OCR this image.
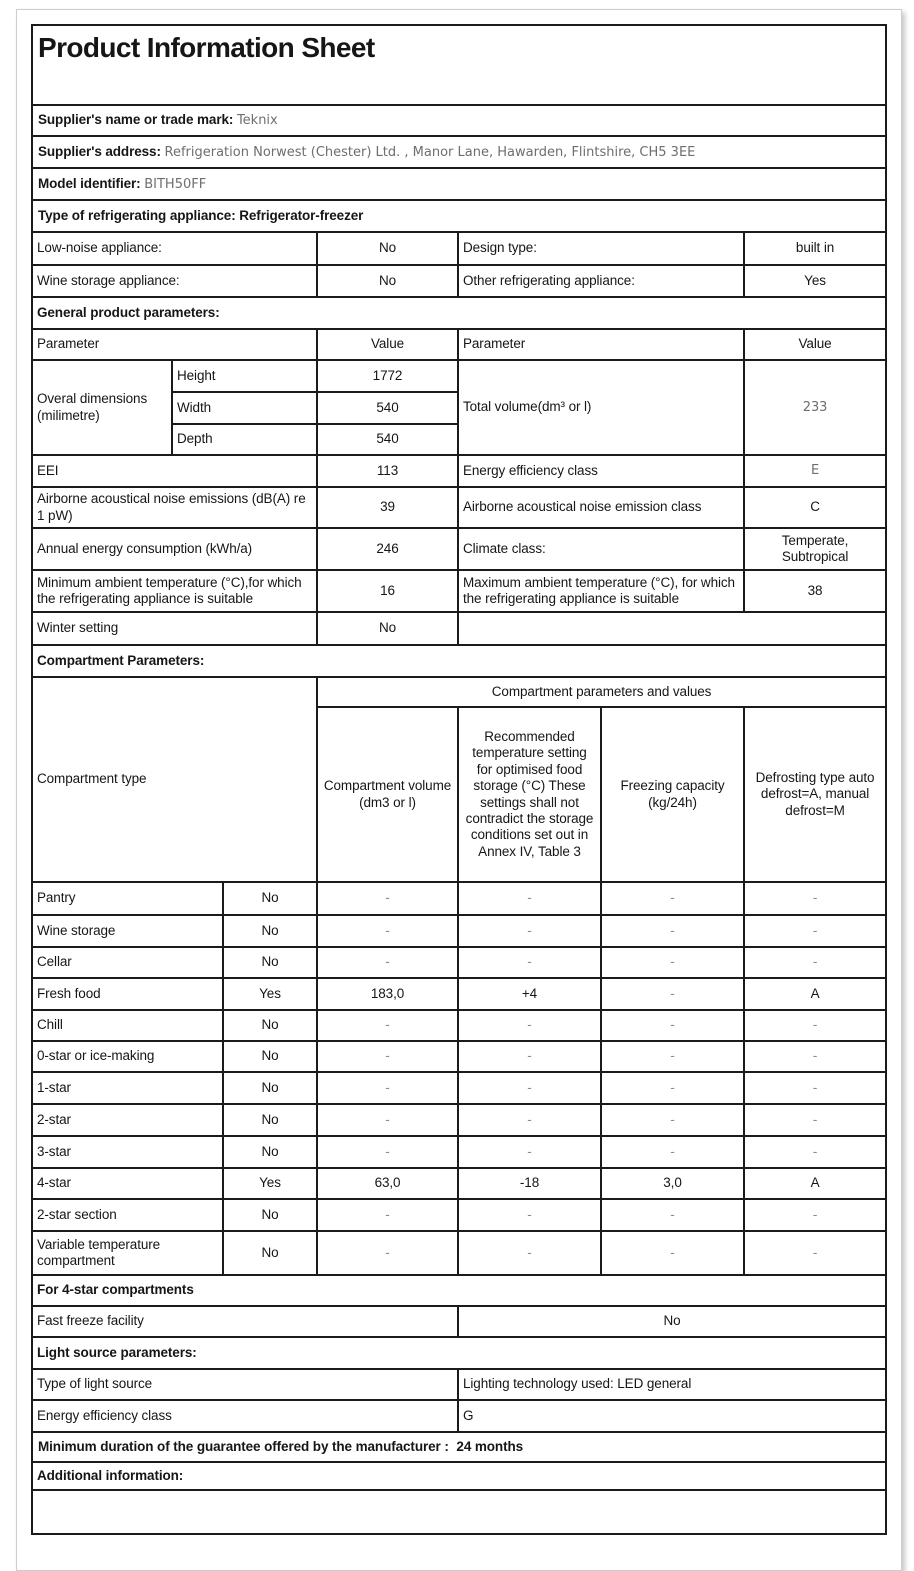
Product Information Sheet						
Supplier's name or trade mark: Teknix						
Supplier's address: Refrigeration Norwest (Chester) Ltd. , Manor Lane, Hawarden, Flintshire, CH5 3EE						
Model identifier: BITH50FF						
Type of refrigerating appliance: Refrigerator-freezer						
Low-noise appliance:			No	Design type:		built in
Wine storage appliance:			No	Other refrigerating appliance:		Yes
General product parameters:						
Parameter			Value	Parameter		Value
Overal dimensions (milimetre)	Height		1772	Total volume(dm³ or l)		233
	Width		540			
	Depth		540			
EEI			113	Energy efficiency class		E
Airborne acoustical noise emissions (dB(A) re 1 pW)			39	Airborne acoustical noise emission class		C
Annual energy consumption (kWh/a)			246	Climate class:		Temperate, Subtropical
Minimum ambient temperature (°C),for which the refrigerating appliance is suitable			16	Maximum ambient temperature (°C), for which the refrigerating appliance is suitable		38
Winter setting			No			
Compartment Parameters:						
Compartment type			Compartment parameters and values			
			Compartment volume (dm3 or l)	Recommended temperature setting for optimised food storage (°C) These settings shall not contradict the storage conditions set out in Annex IV, Table 3	Freezing capacity (kg/24h)	Defrosting type auto defrost=A, manual defrost=M
Pantry		No	-	-	-	-
Wine storage		No	-	-	-	-
Cellar		No	-	-	-	-
Fresh food		Yes	183,0	+4	-	A
Chill		No	-	-	-	-
0-star or ice-making		No	-	-	-	-
1-star		No	-	-	-	-
2-star		No	-	-	-	-
3-star		No	-	-	-	-
4-star		Yes	63,0	-18	3,0	A
2-star section		No	-	-	-	-
Variable temperature compartment		No	-	-	-	-
For 4-star compartments						
Fast freeze facility				No		
Light source parameters:						
Type of light source				Lighting technology used: LED general		
Energy efficiency class				G		
Minimum duration of the guarantee offered by the manufacturer : 24 months						
Additional information:						
